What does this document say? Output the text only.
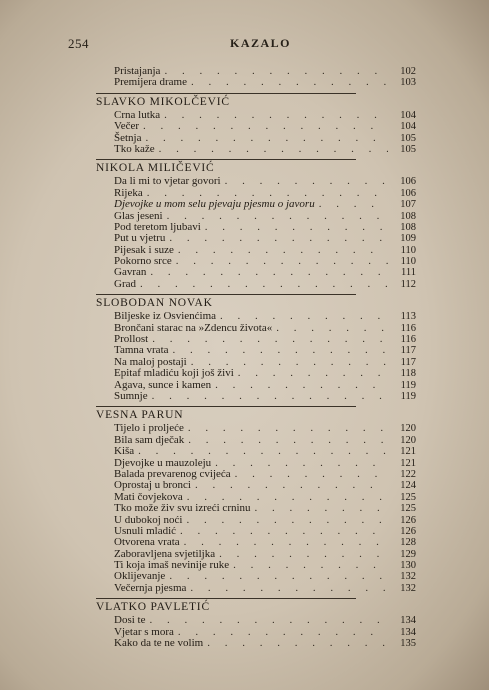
254	KAZALO
Pristajanja . . .	102
Premijera drame . . .	103
SLAVKO MIKOLČEVIĆ
Crna lutka . . .	104
Večer . . .	104
Šetnja . . .	105
Tko kaže . . .	105
NIKOLA MILIČEVIĆ
Da li mi to vjetar govori . . .	106
Rijeka . . .	106
Djevojke u mom selu pjevaju pjesmu o javoru . . .	107
Glas jeseni . . .	108
Pod teretom ljubavi . . .	108
Put u vjetru . . .	109
Pijesak i suze . . .	110
Pokorno srce . . .	110
Gavran . . .	111
Grad . . .	112
SLOBODAN NOVAK
Biljeske iz Osvienćima . . .	113
Brončani starac na »Zdencu života« . . .	116
Prollost . . .	116
Tamna vrata . . .	117
Na maloj postaji . . .	117
Epitaf mladiću koji još živi . . .	118
Agava, sunce i kamen . . .	119
Sumnje . . .	119
VESNA PARUN
Tijelo i proljeće . . .	120
Bila sam dječak . . .	120
Kiša . . .	121
Djevojke u mauzoleju . . .	121
Balada prevarenog cvijeća . . .	122
Oprostaj u bronci . . .	124
Mati čovjekova . . .	125
Tko može živ svu izreći crninu . . .	125
U dubokoj noći . . .	126
Usnuli mladić . . .	126
Otvorena vrata . . .	128
Zaboravljena svjetiljka . . .	129
Ti koja imaš nevinije ruke . . .	130
Oklijevanje . . .	132
Večernja pjesma . . .	132
VLATKO PAVLETIĆ
Dosi te . . .	134
Vjetar s mora . . .	134
Kako da te ne volim . . .	135
